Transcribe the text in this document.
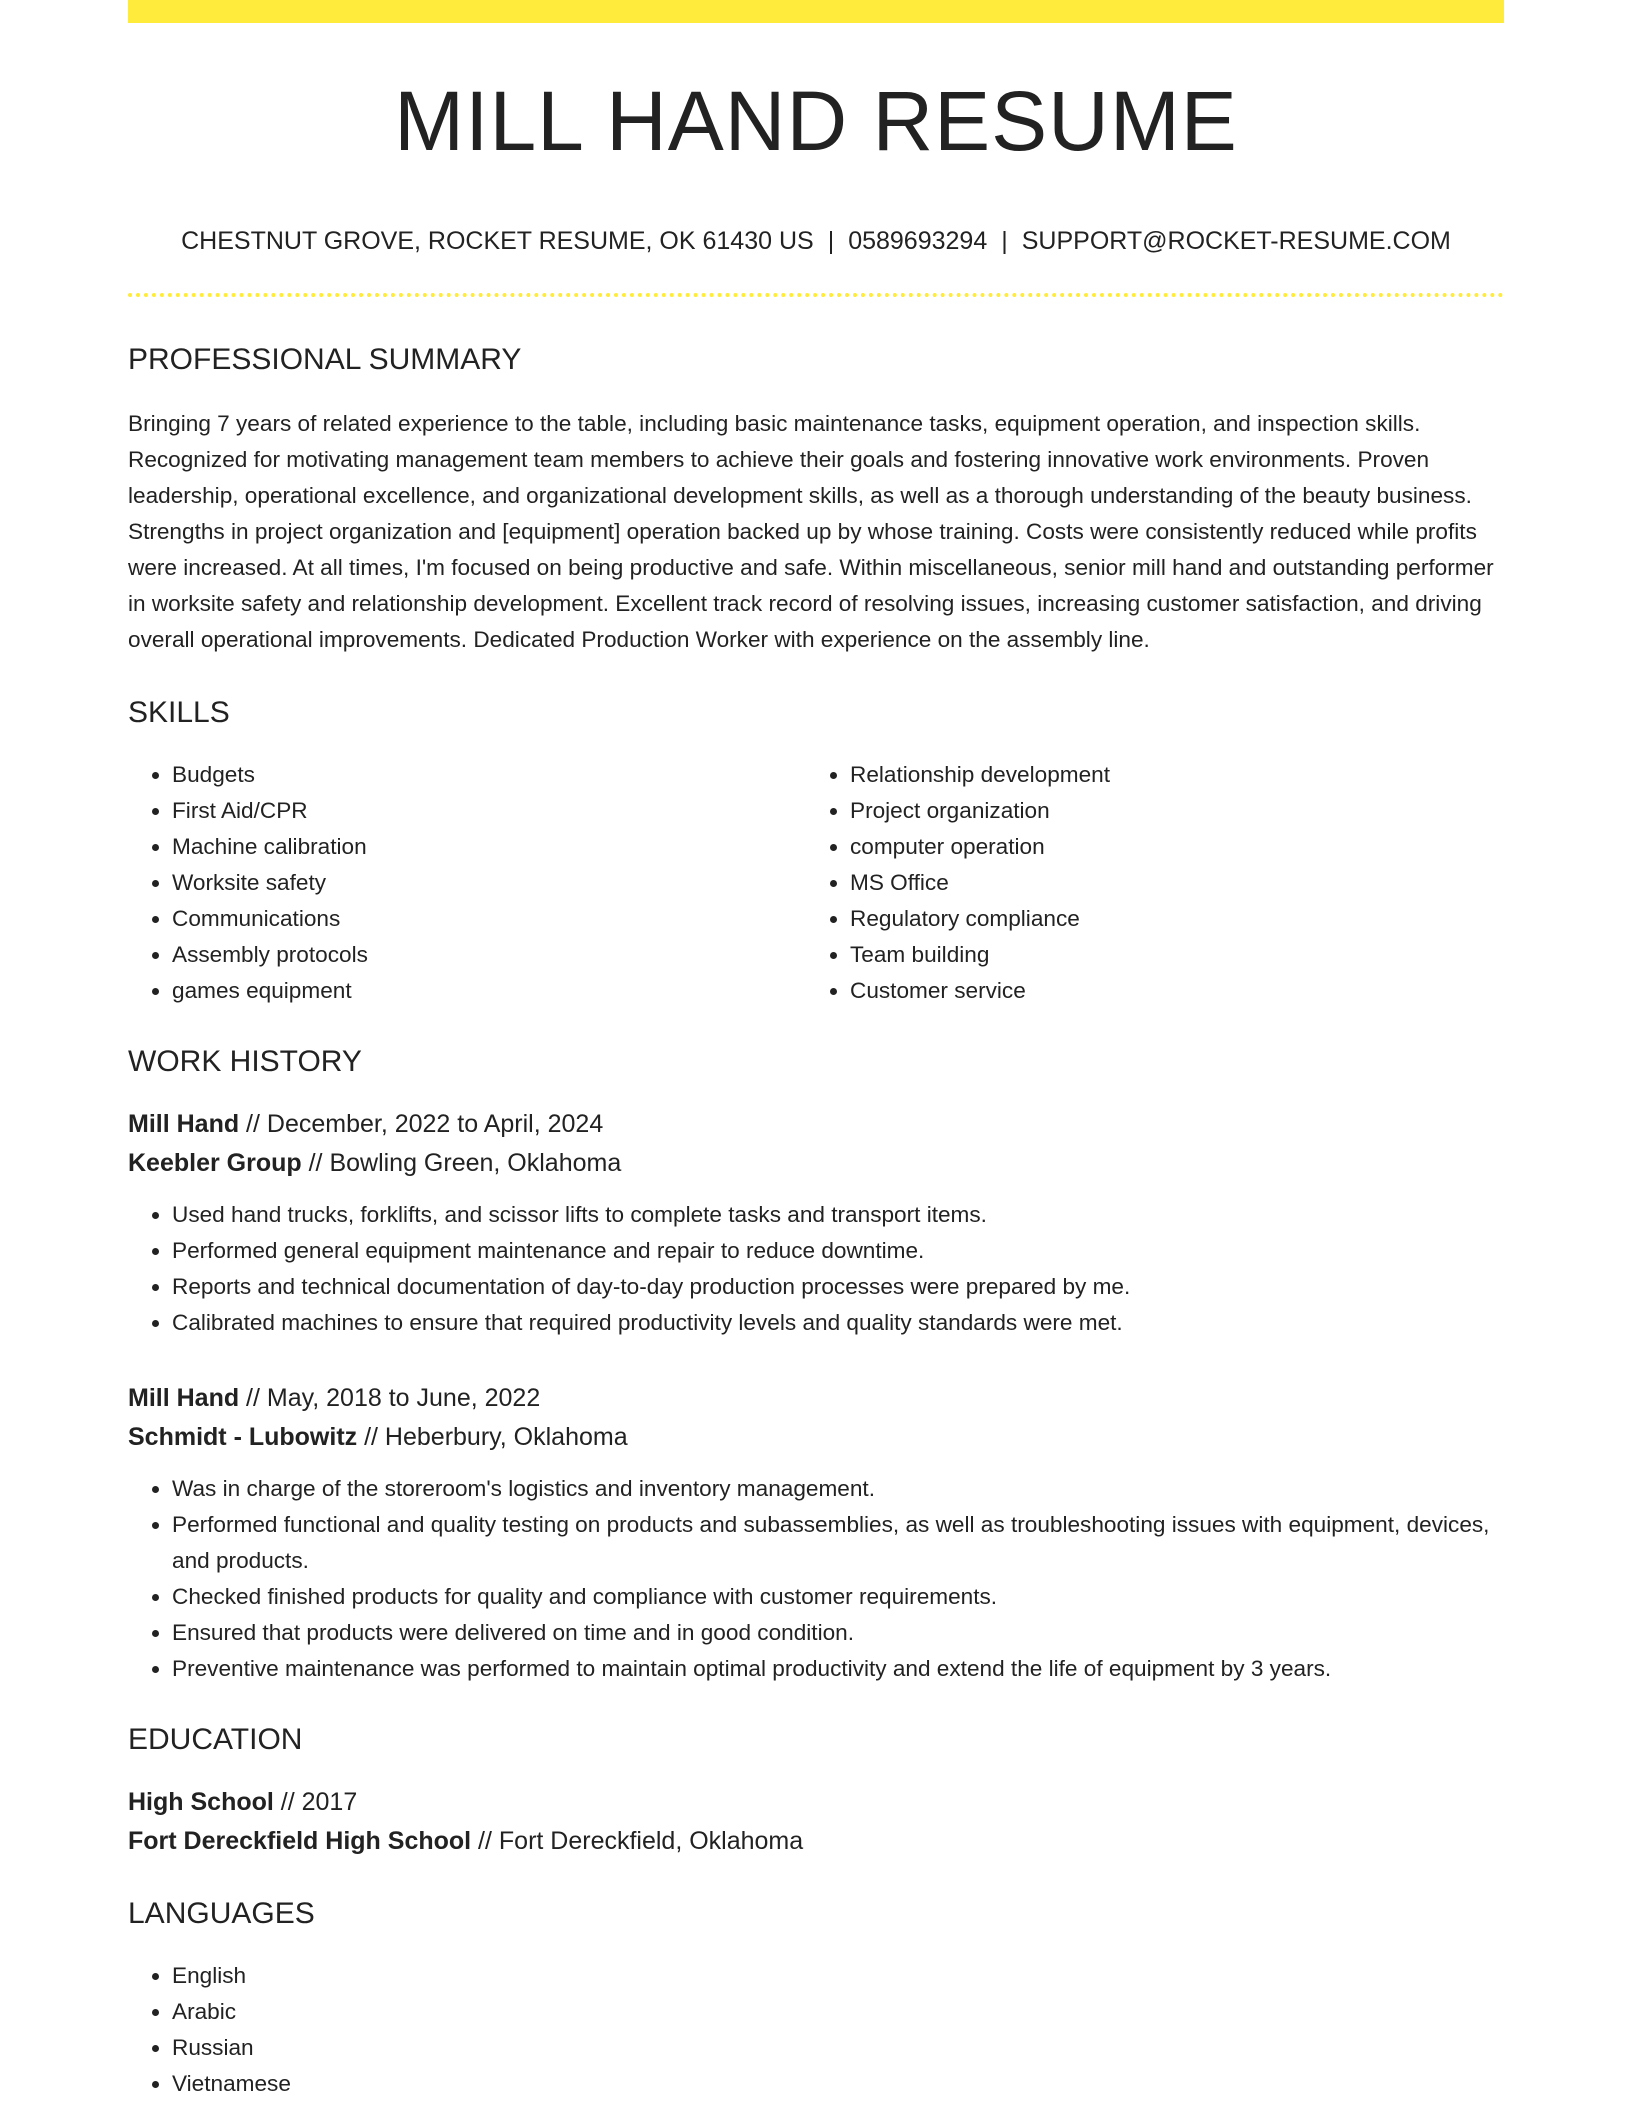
MILL HAND RESUME
CHESTNUT GROVE, ROCKET RESUME, OK 61430 US | 0589693294 | SUPPORT@ROCKET-RESUME.COM
PROFESSIONAL SUMMARY
Bringing 7 years of related experience to the table, including basic maintenance tasks, equipment operation, and inspection skills. Recognized for motivating management team members to achieve their goals and fostering innovative work environments. Proven leadership, operational excellence, and organizational development skills, as well as a thorough understanding of the beauty business. Strengths in project organization and [equipment] operation backed up by whose training. Costs were consistently reduced while profits were increased. At all times, I'm focused on being productive and safe. Within miscellaneous, senior mill hand and outstanding performer in worksite safety and relationship development. Excellent track record of resolving issues, increasing customer satisfaction, and driving overall operational improvements. Dedicated Production Worker with experience on the assembly line.
SKILLS
• Budgets
• First Aid/CPR
• Machine calibration
• Worksite safety
• Communications
• Assembly protocols
• games equipment
• Relationship development
• Project organization
• computer operation
• MS Office
• Regulatory compliance
• Team building
• Customer service
WORK HISTORY
Mill Hand // December, 2022 to April, 2024
Keebler Group // Bowling Green, Oklahoma
• Used hand trucks, forklifts, and scissor lifts to complete tasks and transport items.
• Performed general equipment maintenance and repair to reduce downtime.
• Reports and technical documentation of day-to-day production processes were prepared by me.
• Calibrated machines to ensure that required productivity levels and quality standards were met.
Mill Hand // May, 2018 to June, 2022
Schmidt - Lubowitz // Heberbury, Oklahoma
• Was in charge of the storeroom's logistics and inventory management.
• Performed functional and quality testing on products and subassemblies, as well as troubleshooting issues with equipment, devices, and products.
• Checked finished products for quality and compliance with customer requirements.
• Ensured that products were delivered on time and in good condition.
• Preventive maintenance was performed to maintain optimal productivity and extend the life of equipment by 3 years.
EDUCATION
High School // 2017
Fort Dereckfield High School // Fort Dereckfield, Oklahoma
LANGUAGES
• English
• Arabic
• Russian
• Vietnamese
